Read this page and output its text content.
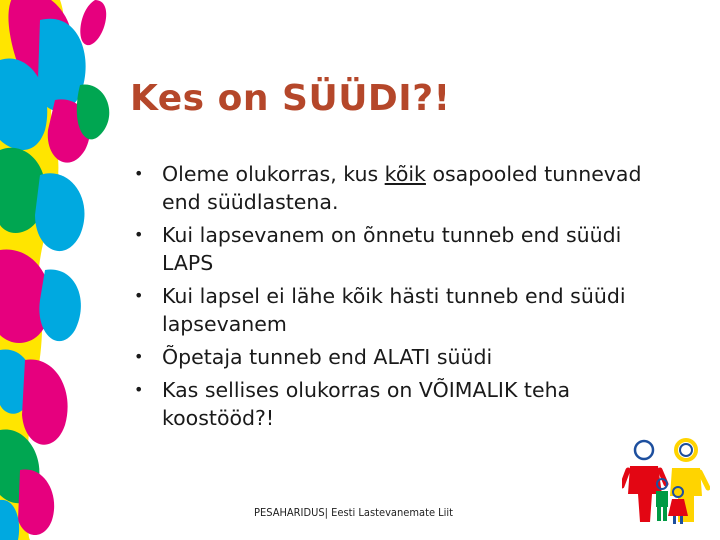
Kes on SÜÜDI?!
• Oleme olukorras, kus kõik osapooled tunnevad end süüdlastena.
• Kui lapsevanem on õnnetu tunneb end süüdi LAPS
• Kui lapsel ei lähe kõik hästi tunneb end süüdi lapsevanem
• Õpetaja tunneb end ALATI süüdi
• Kas sellises olukorras on VÕIMALIK teha koostööd?!
PESAHARIDUS| Eesti Lastevanemate Liit
